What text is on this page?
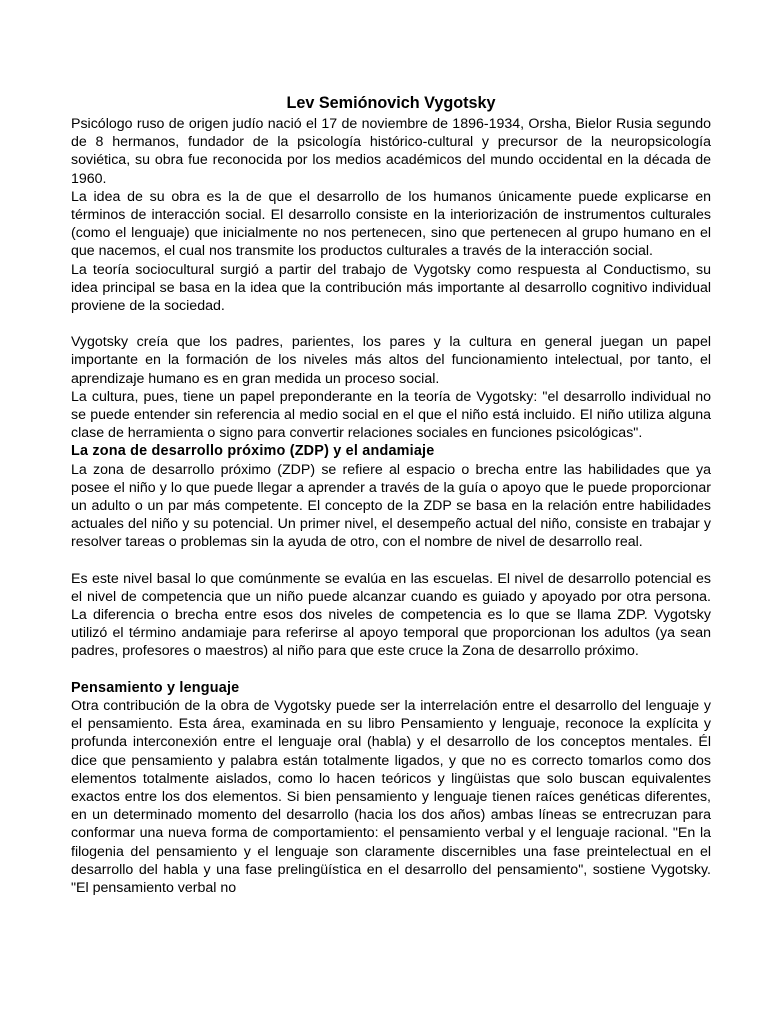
Lev Semiónovich Vygotsky

Psicólogo ruso de origen judío nació el 17 de noviembre de 1896-1934, Orsha, Bielor Rusia segundo de 8 hermanos, fundador de la psicología histórico-cultural y precursor de la neuropsicología soviética, su obra fue reconocida por los medios académicos del mundo occidental en la década de 1960.

La idea de su obra es la de que el desarrollo de los humanos únicamente puede explicarse en términos de interacción social. El desarrollo consiste en la interiorización de instrumentos culturales (como el lenguaje) que inicialmente no nos pertenecen, sino que pertenecen al grupo humano en el que nacemos, el cual nos transmite los productos culturales a través de la interacción social.

La teoría sociocultural surgió a partir del trabajo de Vygotsky como respuesta al Conductismo, su idea principal se basa en la idea que la contribución más importante al desarrollo cognitivo individual proviene de la sociedad.

Vygotsky creía que los padres, parientes, los pares y la cultura en general juegan un papel importante en la formación de los niveles más altos del funcionamiento intelectual, por tanto, el aprendizaje humano es en gran medida un proceso social.

La cultura, pues, tiene un papel preponderante en la teoría de Vygotsky: "el desarrollo individual no se puede entender sin referencia al medio social en el que el niño está incluido. El niño utiliza alguna clase de herramienta o signo para convertir relaciones sociales en funciones psicológicas".

La zona de desarrollo próximo (ZDP) y el andamiaje

La zona de desarrollo próximo (ZDP) se refiere al espacio o brecha entre las habilidades que ya posee el niño y lo que puede llegar a aprender a través de la guía o apoyo que le puede proporcionar un adulto o un par más competente. El concepto de la ZDP se basa en la relación entre habilidades actuales del niño y su potencial. Un primer nivel, el desempeño actual del niño, consiste en trabajar y resolver tareas o problemas sin la ayuda de otro, con el nombre de nivel de desarrollo real.

Es este nivel basal lo que comúnmente se evalúa en las escuelas. El nivel de desarrollo potencial es el nivel de competencia que un niño puede alcanzar cuando es guiado y apoyado por otra persona. La diferencia o brecha entre esos dos niveles de competencia es lo que se llama ZDP. Vygotsky utilizó el término andamiaje para referirse al apoyo temporal que proporcionan los adultos (ya sean padres, profesores o maestros) al niño para que este cruce la Zona de desarrollo próximo.

Pensamiento y lenguaje

Otra contribución de la obra de Vygotsky puede ser la interrelación entre el desarrollo del lenguaje y el pensamiento. Esta área, examinada en su libro Pensamiento y lenguaje, reconoce la explícita y profunda interconexión entre el lenguaje oral (habla) y el desarrollo de los conceptos mentales. Él dice que pensamiento y palabra están totalmente ligados, y que no es correcto tomarlos como dos elementos totalmente aislados, como lo hacen teóricos y lingüistas que solo buscan equivalentes exactos entre los dos elementos. Si bien pensamiento y lenguaje tienen raíces genéticas diferentes, en un determinado momento del desarrollo (hacia los dos años) ambas líneas se entrecruzan para conformar una nueva forma de comportamiento: el pensamiento verbal y el lenguaje racional. "En la filogenia del pensamiento y el lenguaje son claramente discernibles una fase preintelectual en el desarrollo del habla y una fase prelingüística en el desarrollo del pensamiento", sostiene Vygotsky. "El pensamiento verbal no
